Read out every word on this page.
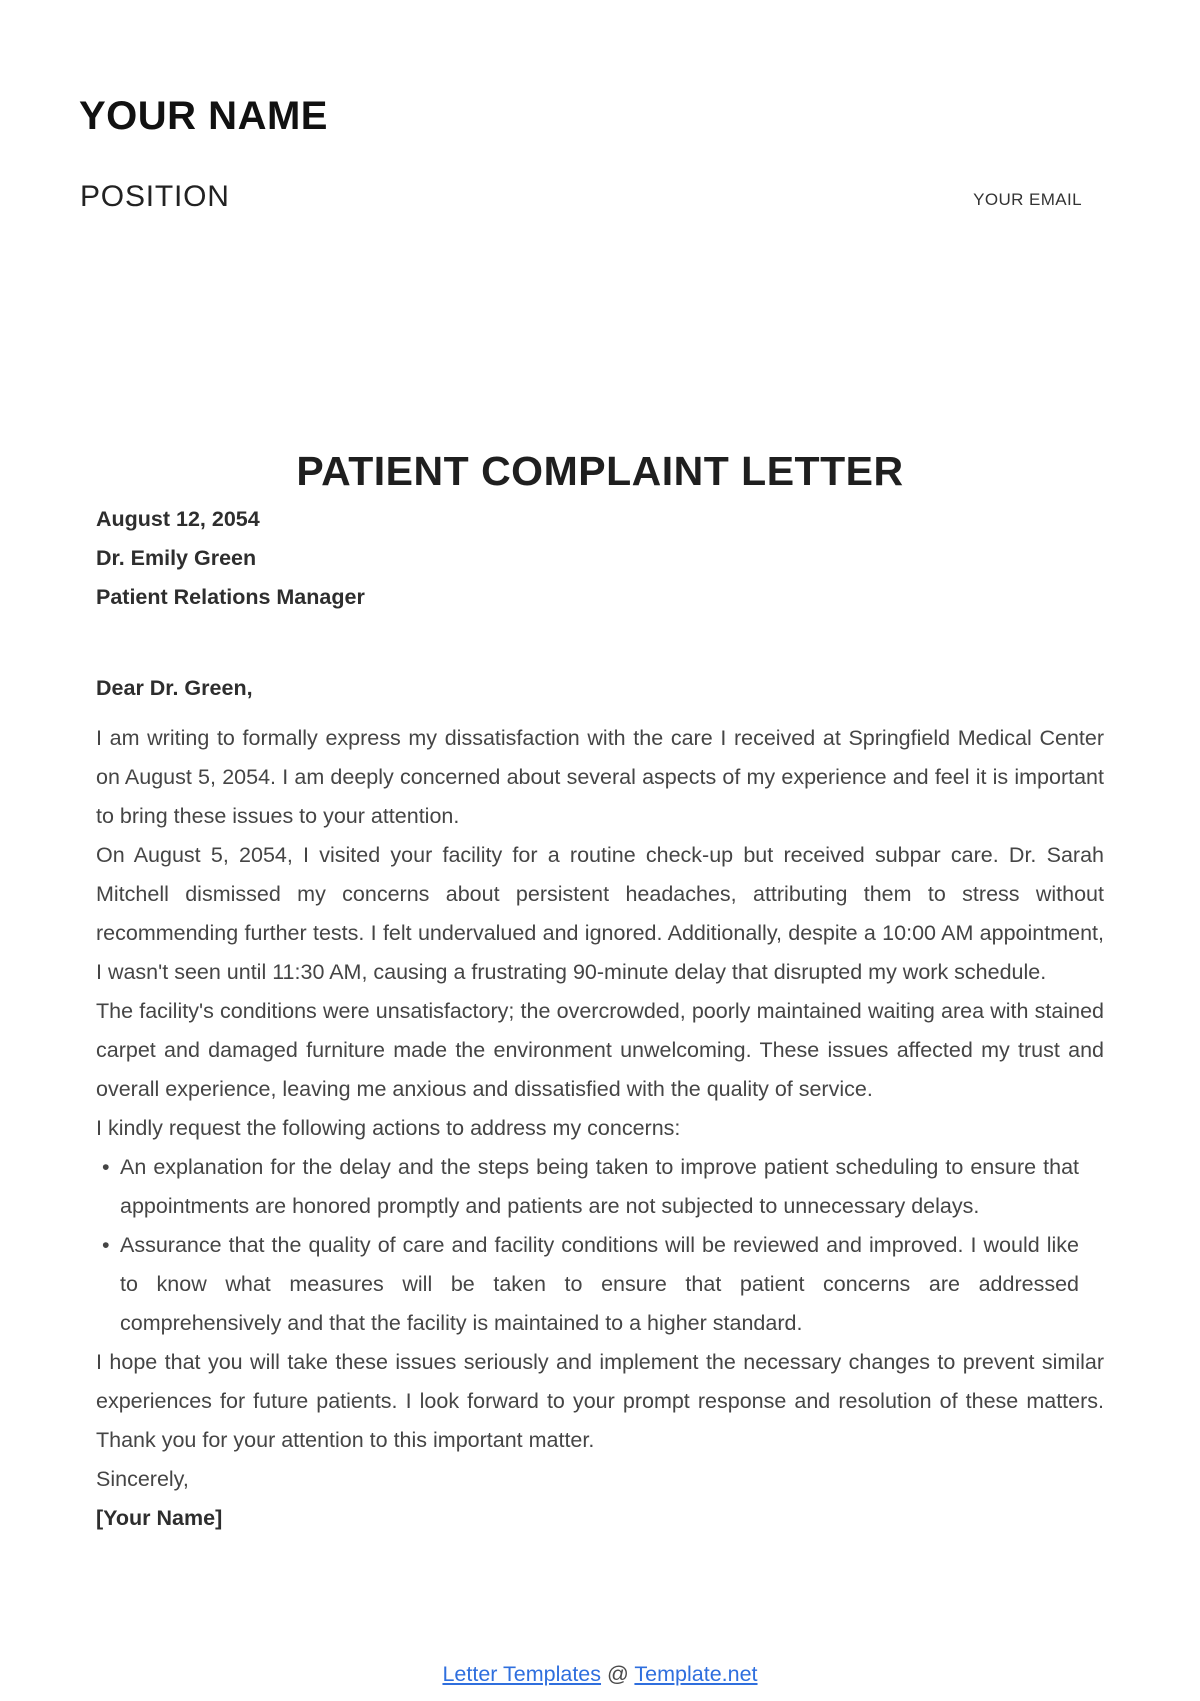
YOUR NAME
POSITION	YOUR EMAIL
PATIENT COMPLAINT LETTER

August 12, 2054

Dr. Emily Green

Patient Relations Manager

Dear Dr. Green,

I am writing to formally express my dissatisfaction with the care I received at Springfield Medical Center on August 5, 2054. I am deeply concerned about several aspects of my experience and feel it is important to bring these issues to your attention.

On August 5, 2054, I visited your facility for a routine check-up but received subpar care. Dr. Sarah Mitchell dismissed my concerns about persistent headaches, attributing them to stress without recommending further tests. I felt undervalued and ignored. Additionally, despite a 10:00 AM appointment, I wasn't seen until 11:30 AM, causing a frustrating 90-minute delay that disrupted my work schedule.

The facility's conditions were unsatisfactory; the overcrowded, poorly maintained waiting area with stained carpet and damaged furniture made the environment unwelcoming. These issues affected my trust and overall experience, leaving me anxious and dissatisfied with the quality of service.

I kindly request the following actions to address my concerns:

• An explanation for the delay and the steps being taken to improve patient scheduling to ensure that appointments are honored promptly and patients are not subjected to unnecessary delays.
• Assurance that the quality of care and facility conditions will be reviewed and improved. I would like to know what measures will be taken to ensure that patient concerns are addressed comprehensively and that the facility is maintained to a higher standard.

I hope that you will take these issues seriously and implement the necessary changes to prevent similar experiences for future patients. I look forward to your prompt response and resolution of these matters. Thank you for your attention to this important matter.

Sincerely,

[Your Name]

Letter Templates @ Template.net
